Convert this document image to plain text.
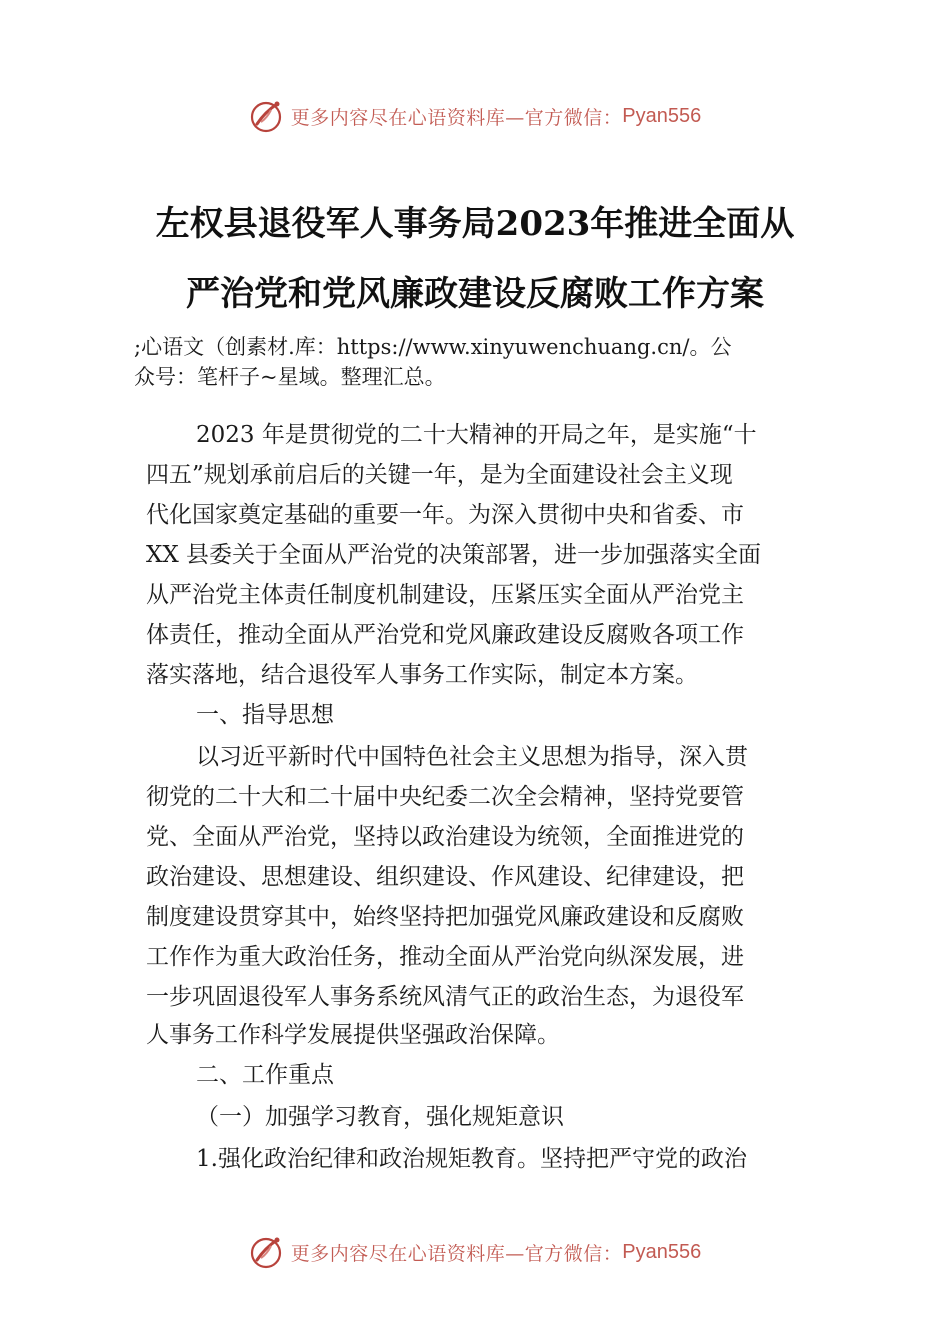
更多内容尽在心语资料库—官方微信： Pyan556
左权县退役军人事务局2023年推进全面从
严治党和党风廉政建设反腐败工作方案
;心语文（创素材.库：https://www.xinyuwenchuang.cn/。公
众号：笔杆子~星域。整理汇总。
2023 年是贯彻党的二十大精神的开局之年，是实施“十
四五”规划承前启后的关键一年，是为全面建设社会主义现
代化国家奠定基础的重要一年。为深入贯彻中央和省委、市
XX 县委关于全面从严治党的决策部署，进一步加强落实全面
从严治党主体责任制度机制建设，压紧压实全面从严治党主
体责任，推动全面从严治党和党风廉政建设反腐败各项工作
落实落地，结合退役军人事务工作实际，制定本方案。
一、指导思想
以习近平新时代中国特色社会主义思想为指导，深入贯
彻党的二十大和二十届中央纪委二次全会精神，坚持党要管
党、全面从严治党，坚持以政治建设为统领，全面推进党的
政治建设、思想建设、组织建设、作风建设、纪律建设，把
制度建设贯穿其中，始终坚持把加强党风廉政建设和反腐败
工作作为重大政治任务，推动全面从严治党向纵深发展，进
一步巩固退役军人事务系统风清气正的政治生态，为退役军
人事务工作科学发展提供坚强政治保障。
二、工作重点
（一）加强学习教育，强化规矩意识
1.强化政治纪律和政治规矩教育。坚持把严守党的政治
更多内容尽在心语资料库—官方微信： Pyan556
